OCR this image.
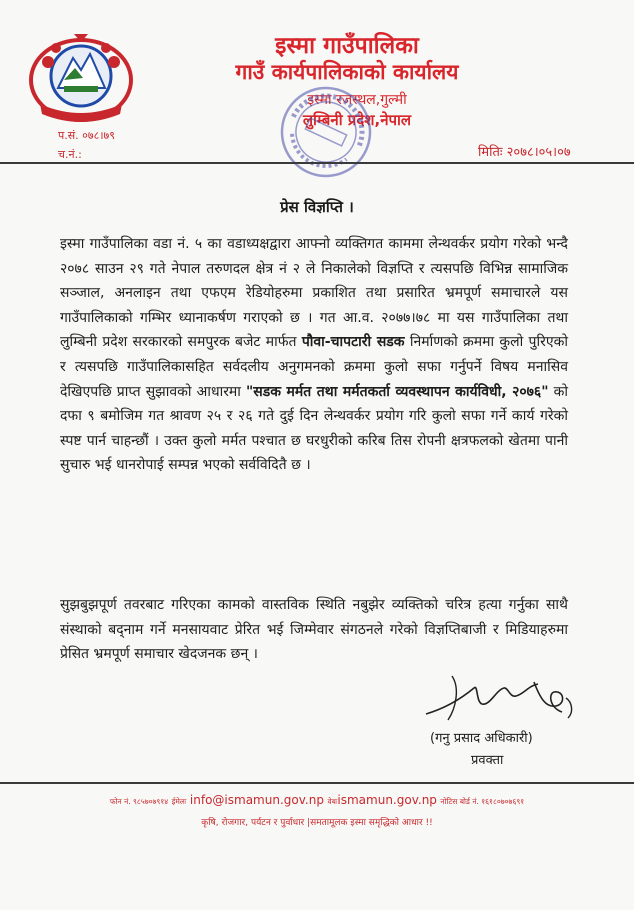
इस्मा गाउँपालिका
गाउँ कार्यपालिकाको कार्यालय
इस्मा रजस्थल,गुल्मी
लुम्बिनी प्रदेश,नेपाल
प.सं. ०७८।७९
च.नं.:	मितिः २०७८।०५।०७
प्रेस विज्ञप्ति ।

इस्मा गाउँपालिका वडा नं. ५ का वडाध्यक्षद्वारा आफ्नो व्यक्तिगत काममा लेन्थवर्कर प्रयोग गरेको भन्दै २०७८ साउन २९ गते नेपाल तरुणदल क्षेत्र नं २ ले निकालेको विज्ञप्ति र त्यसपछि विभिन्न सामाजिक सञ्जाल, अनलाइन तथा एफएम रेडियोहरुमा प्रकाशित तथा प्रसारित भ्रमपूर्ण समाचारले यस गाउँपालिकाको गम्भिर ध्यानाकर्षण गराएको छ । गत आ.व. २०७७।७८ मा यस गाउँपालिका तथा लुम्बिनी प्रदेश सरकारको समपुरक बजेट मार्फत पौवा-चापटारी सडक निर्माणको क्रममा कुलो पुरिएको र त्यसपछि गाउँपालिकासहित सर्वदलीय अनुगमनको क्रममा कुलो सफा गर्नुपर्ने विषय मनासिव देखिएपछि प्राप्त सुझावको आधारमा "सडक मर्मत तथा मर्मतकर्ता व्यवस्थापन कार्यविधी, २०७६" को दफा ९ बमोजिम गत श्रावण २५ र २६ गते दुई दिन लेन्थवर्कर प्रयोग गरि कुलो सफा गर्ने कार्य गरेको स्पष्ट पार्न चाहन्छौं । उक्त कुलो मर्मत पश्चात छ घरधुरीको करिब तिस रोपनी क्षत्रफलको खेतमा पानी सुचारु भई धानरोपाई सम्पन्न भएको सर्वविदितै छ ।

सुझबुझपूर्ण तवरबाट गरिएका कामको वास्तविक स्थिति नबुझेर व्यक्तिको चरित्र हत्या गर्नुका साथै संस्थाको बद्नाम गर्ने मनसायवाट प्रेरित भई जिम्मेवार संगठनले गरेको विज्ञप्तिबाजी र मिडियाहरुमा प्रेसित भ्रमपूर्ण समाचार खेदजनक छन् ।

(गनु प्रसाद अधिकारी)
प्रवक्ता
फोन नं. ९८५७०७९१४ ईमेलः info@ismamun.gov.np वेबःismamun.gov.np नोटिस बोर्ड नं. १६१८०७०७६९१
कृषि, रोजगार, पर्यटन र पुर्वाधार |समतामूलक इस्मा समृद्धिको आधार !!
